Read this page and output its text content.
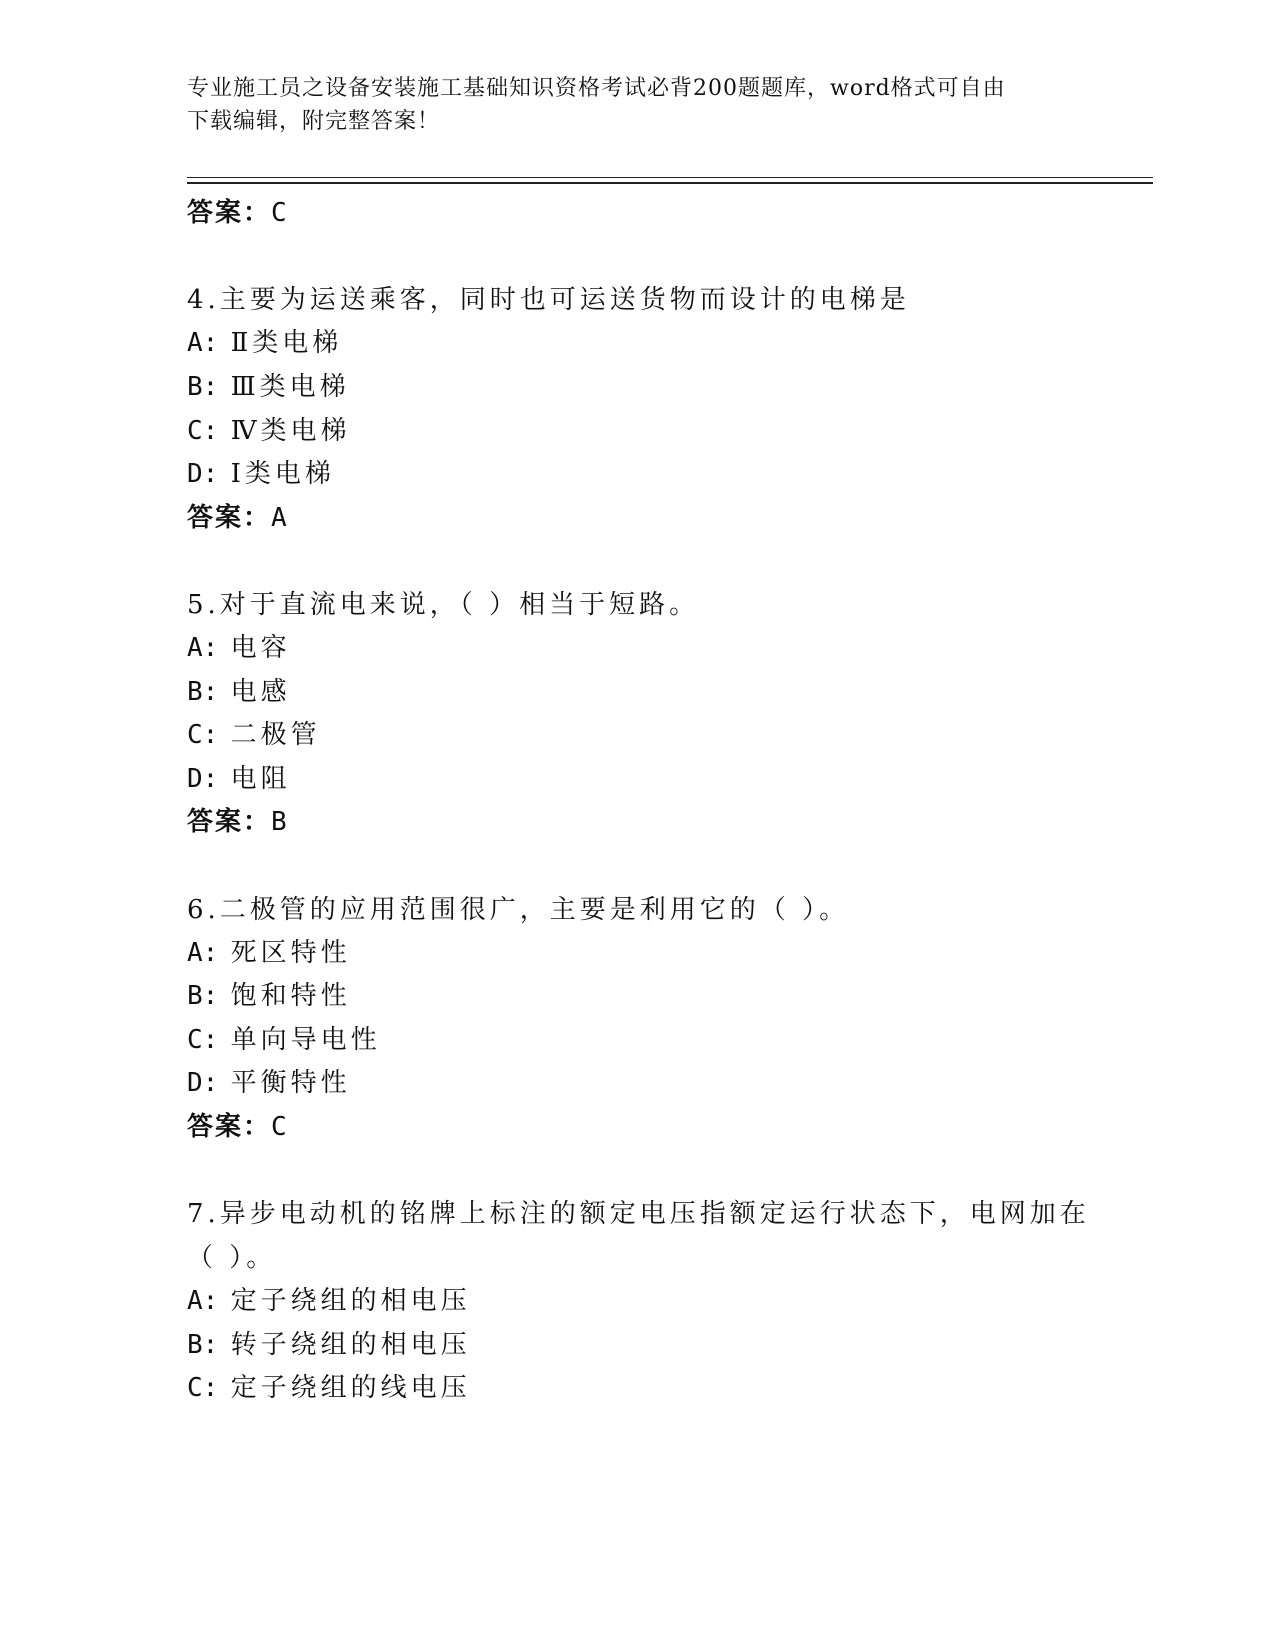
专业施工员之设备安装施工基础知识资格考试必背200题题库，word格式可自由
下载编辑，附完整答案！
答案：C
4.主要为运送乘客，同时也可运送货物而设计的电梯是
A: Ⅱ类电梯
B: Ⅲ类电梯
C: Ⅳ类电梯
D: Ⅰ类电梯
答案：A
5.对于直流电来说，（ ）相当于短路。
A: 电容
B: 电感
C: 二极管
D: 电阻
答案：B
6.二极管的应用范围很广，主要是利用它的（ ）。
A: 死区特性
B: 饱和特性
C: 单向导电性
D: 平衡特性
答案：C
7.异步电动机的铭牌上标注的额定电压指额定运行状态下，电网加在
（ ）。
A: 定子绕组的相电压
B: 转子绕组的相电压
C: 定子绕组的线电压
